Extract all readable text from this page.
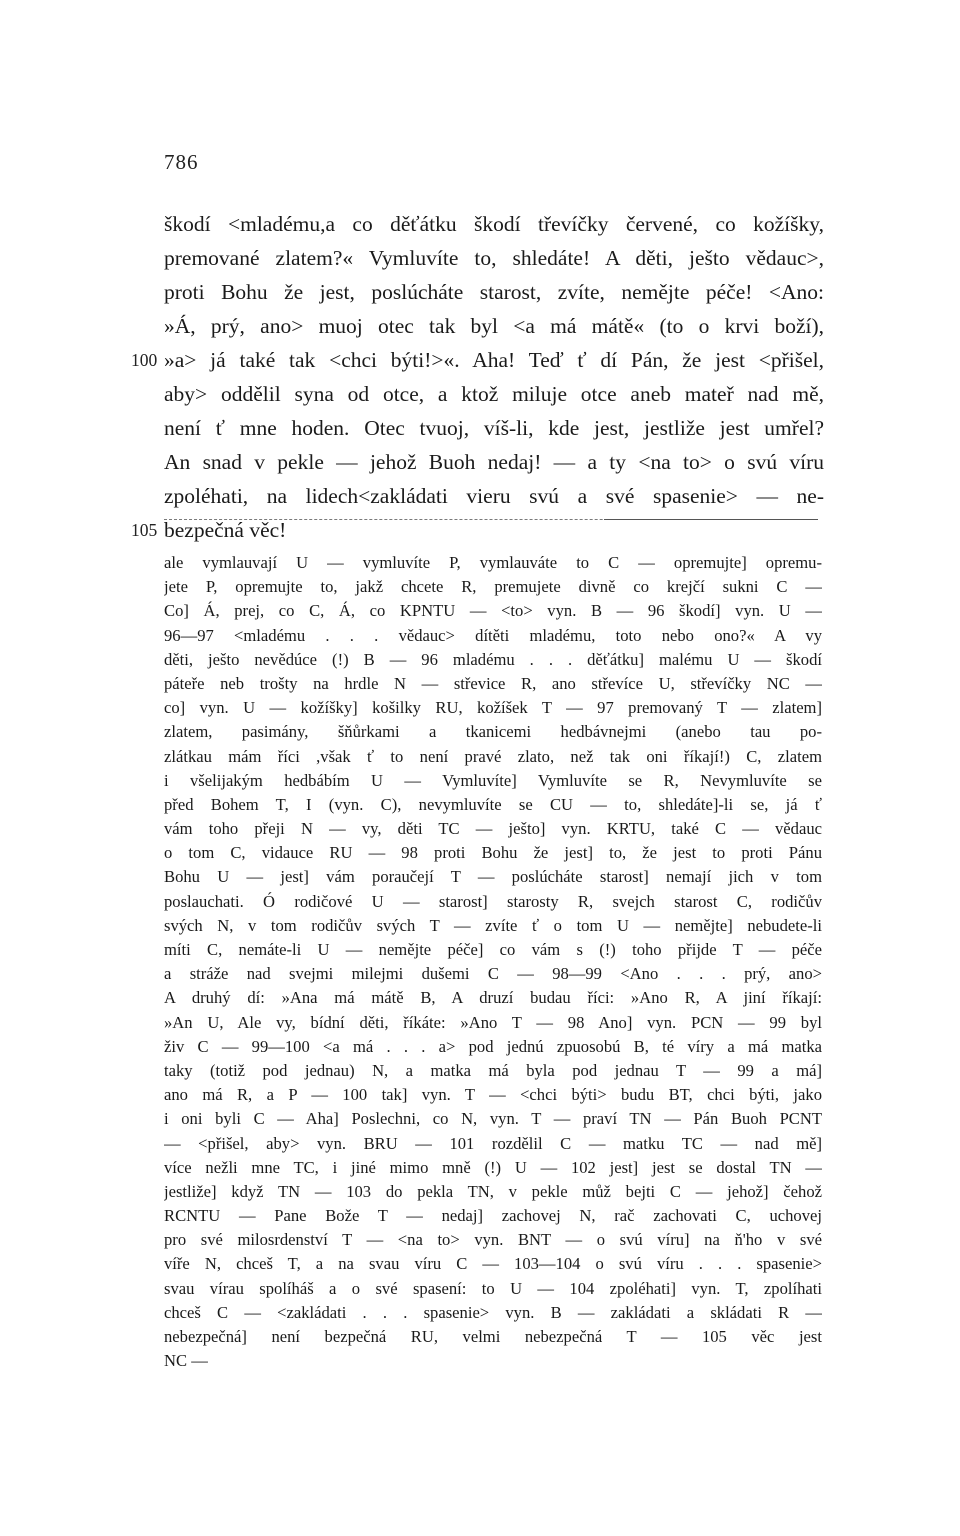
786
škodí <mladému,a co děťátku škodí třevíčky červené, co kožíšky,
premované zlatem?« Vymluvíte to, shledáte! A děti, ješto vědauc>,
proti Bohu že jest, poslúcháte starost, zvíte, nemějte péče! <Ano:
»Á, prý, ano> muoj otec tak byl <a má mátě« (to o krvi boží),
»a> já také tak <chci býti!>«. Aha! Teď ť dí Pán, že jest <přišel,
100
aby> oddělil syna od otce, a ktož miluje otce aneb mateř nad mě,
není ť mne hoden. Otec tvuoj, víš-li, kde jest, jestliže jest umřel?
An snad v pekle — jehož Buoh nedaj! — a ty <na to> o svú víru
zpoléhati, na lidech<zakládati vieru svú a své spasenie> — ne-
bezpečná věc!
105
ale vymlauvají U — vymluvíte P, vymlauváte to C — opremujte] opremu-
jete P, opremujte to, jakž chcete R, premujete divně co krejčí sukni C —
Co] Á, prej, co C, Á, co KPNTU — <to> vyn. B — 96 škodí] vyn. U —
96—97 <mladému . . . vědauc> dítěti mladému, toto nebo ono?« A vy
děti, ješto nevědúce (!) B — 96 mladému . . . děťátku] malému U — škodí
páteře neb trošty na hrdle N — střevice R, ano střevíce U, střevíčky NC —
co] vyn. U — kožíšky] košilky RU, kožíšek T — 97 premovaný T — zlatem]
zlatem, pasimány, šňůrkami a tkanicemi hedbávnejmi (anebo tau po-
zlátkau mám říci ,však ť to není pravé zlato, než tak oni říkají!) C, zlatem
i všelijakým hedbábím U — Vymluvíte] Vymluvíte se R, Nevymluvíte se
před Bohem T, I (vyn. C), nevymluvíte se CU — to, shledáte]-li se, já ť
vám toho přeji N — vy, děti TC — ješto] vyn. KRTU, také C — vědauc
o tom C, vidauce RU — 98 proti Bohu že jest] to, že jest to proti Pánu
Bohu U — jest] vám poraučejí T — poslúcháte starost] nemají jich v tom
poslauchati. Ó rodičové U — starost] starosty R, svejch starost C, rodičův
svých N, v tom rodičův svých T — zvíte ť o tom U — nemějte] nebudete-li
míti C, nemáte-li U — nemějte péče] co vám s (!) toho přijde T — péče
a stráže nad svejmi milejmi dušemi C — 98—99 <Ano . . . prý, ano>
A druhý dí: »Ana má mátě B, A druzí budau říci: »Ano R, A jiní říkají:
»An U, Ale vy, bídní děti, říkáte: »Ano T — 98 Ano] vyn. PCN — 99 byl
živ C — 99—100 <a má . . . a> pod jednú zpuosobú B, té víry a má matka
taky (totiž pod jednau) N, a matka má byla pod jednau T — 99 a má]
ano má R, a P — 100 tak] vyn. T — <chci býti> budu BT, chci býti, jako
i oni byli C — Aha] Poslechni, co N, vyn. T — praví TN — Pán Buoh PCNT
— <přišel, aby> vyn. BRU — 101 rozdělil C — matku TC — nad mě]
více nežli mne TC, i jiné mimo mně (!) U — 102 jest] jest se dostal TN —
jestliže] když TN — 103 do pekla TN, v pekle můž bejti C — jehož] čehož
RCNTU — Pane Bože T — nedaj] zachovej N, rač zachovati C, uchovej
pro své milosrdenství T — <na to> vyn. BNT — o svú víru] na ň'ho v své
víře N, chceš T, a na svau víru C — 103—104 o svú víru . . . spasenie>
svau vírau spolíháš a o své spasení: to U — 104 zpoléhati] vyn. T, zpolíhati
chceš C — <zakládati . . . spasenie> vyn. B — zakládati a skládati R —
nebezpečná] není bezpečná RU, velmi nebezpečná T — 105 věc jest
NC —
